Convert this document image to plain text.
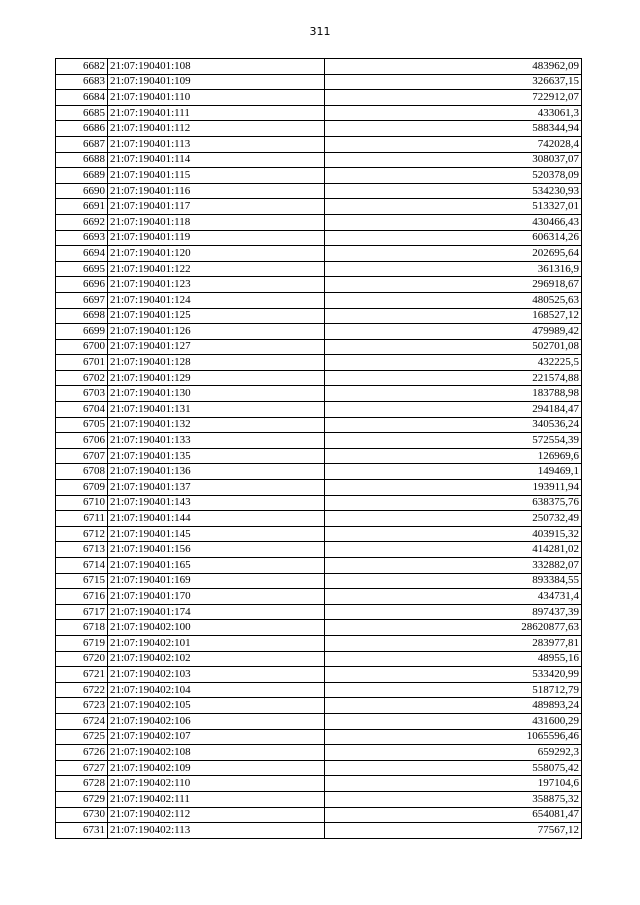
311
6682	21:07:190401:108	483962,09
6683	21:07:190401:109	326637,15
6684	21:07:190401:110	722912,07
6685	21:07:190401:111	433061,3
6686	21:07:190401:112	588344,94
6687	21:07:190401:113	742028,4
6688	21:07:190401:114	308037,07
6689	21:07:190401:115	520378,09
6690	21:07:190401:116	534230,93
6691	21:07:190401:117	513327,01
6692	21:07:190401:118	430466,43
6693	21:07:190401:119	606314,26
6694	21:07:190401:120	202695,64
6695	21:07:190401:122	361316,9
6696	21:07:190401:123	296918,67
6697	21:07:190401:124	480525,63
6698	21:07:190401:125	168527,12
6699	21:07:190401:126	479989,42
6700	21:07:190401:127	502701,08
6701	21:07:190401:128	432225,5
6702	21:07:190401:129	221574,88
6703	21:07:190401:130	183788,98
6704	21:07:190401:131	294184,47
6705	21:07:190401:132	340536,24
6706	21:07:190401:133	572554,39
6707	21:07:190401:135	126969,6
6708	21:07:190401:136	149469,1
6709	21:07:190401:137	193911,94
6710	21:07:190401:143	638375,76
6711	21:07:190401:144	250732,49
6712	21:07:190401:145	403915,32
6713	21:07:190401:156	414281,02
6714	21:07:190401:165	332882,07
6715	21:07:190401:169	893384,55
6716	21:07:190401:170	434731,4
6717	21:07:190401:174	897437,39
6718	21:07:190402:100	28620877,63
6719	21:07:190402:101	283977,81
6720	21:07:190402:102	48955,16
6721	21:07:190402:103	533420,99
6722	21:07:190402:104	518712,79
6723	21:07:190402:105	489893,24
6724	21:07:190402:106	431600,29
6725	21:07:190402:107	1065596,46
6726	21:07:190402:108	659292,3
6727	21:07:190402:109	558075,42
6728	21:07:190402:110	197104,6
6729	21:07:190402:111	358875,32
6730	21:07:190402:112	654081,47
6731	21:07:190402:113	77567,12
